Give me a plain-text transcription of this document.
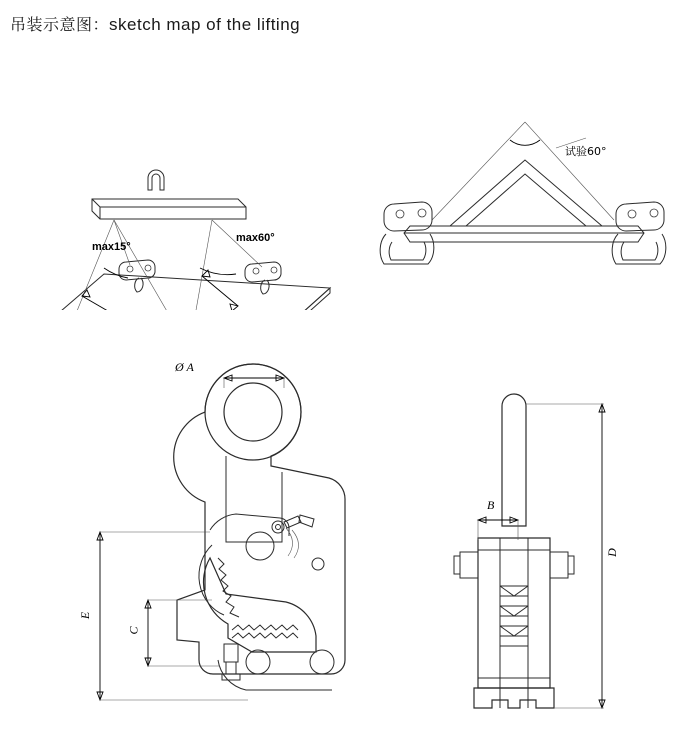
吊装示意图：sketch map of the lifting
max15°
max60°
试验60°
Ø A
E
C
B
D
